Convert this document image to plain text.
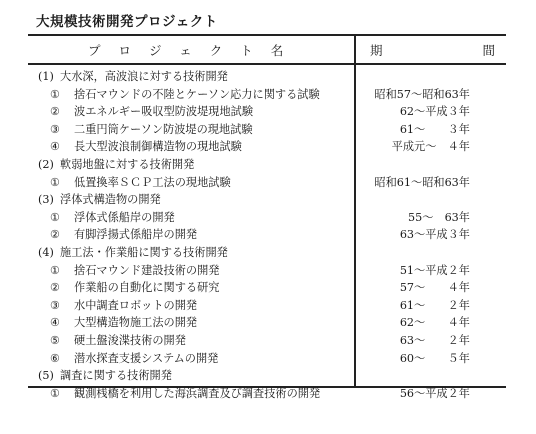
大規模技術開発プロジェクト
プロジェクト名	期	間
(1) 大水深，高波浪に対する技術開発
① 捨石マウンドの不陸とケーソン応力に関する試験	昭和57～昭和63年
② 波エネルギー吸収型防波堤現地試験	62～平成３年
③ 二重円筒ケーソン防波堤の現地試験	61～　　３年
④ 長大型波浪制御構造物の現地試験	平成元～　４年
(2) 軟弱地盤に対する技術開発
① 低置換率ＳＣＰ工法の現地試験	昭和61～昭和63年
(3) 浮体式構造物の開発
① 浮体式係船岸の開発	55～　63年
② 有脚浮揚式係船岸の開発	63～平成３年
(4) 施工法・作業船に関する技術開発
① 捨石マウンド建設技術の開発	51～平成２年
② 作業船の自動化に関する研究	57～　　４年
③ 水中調査ロボットの開発	61～　　２年
④ 大型構造物施工法の開発	62～　　４年
⑤ 硬土盤浚渫技術の開発	63～　　２年
⑥ 潜水探査支援システムの開発	60～　　５年
(5) 調査に関する技術開発
① 観測桟橋を利用した海浜調査及び調査技術の開発	56～平成２年
